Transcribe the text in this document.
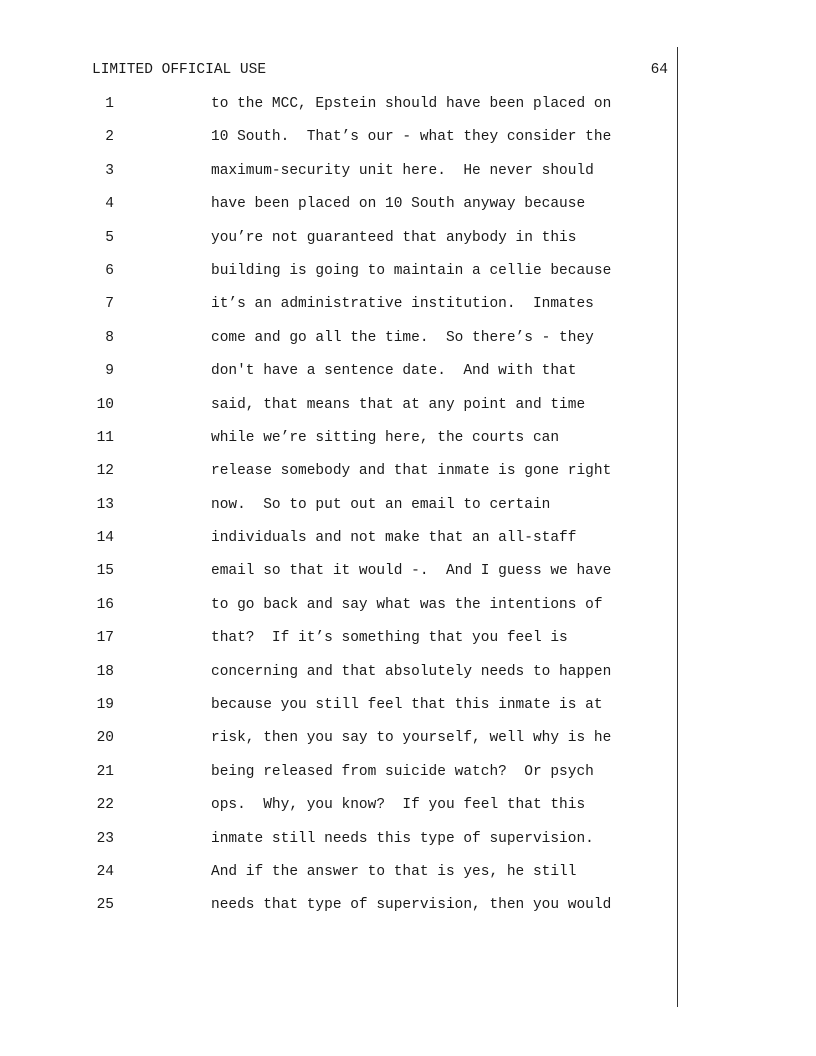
LIMITED OFFICIAL USE	64
1	to the MCC, Epstein should have been placed on
2	10 South.  That’s our - what they consider the
3	maximum-security unit here.  He never should
4	have been placed on 10 South anyway because
5	you’re not guaranteed that anybody in this
6	building is going to maintain a cellie because
7	it’s an administrative institution.  Inmates
8	come and go all the time.  So there’s - they
9	don't have a sentence date.  And with that
10	said, that means that at any point and time
11	while we’re sitting here, the courts can
12	release somebody and that inmate is gone right
13	now.  So to put out an email to certain
14	individuals and not make that an all-staff
15	email so that it would -.  And I guess we have
16	to go back and say what was the intentions of
17	that?  If it’s something that you feel is
18	concerning and that absolutely needs to happen
19	because you still feel that this inmate is at
20	risk, then you say to yourself, well why is he
21	being released from suicide watch?  Or psych
22	ops.  Why, you know?  If you feel that this
23	inmate still needs this type of supervision.
24	And if the answer to that is yes, he still
25	needs that type of supervision, then you would
